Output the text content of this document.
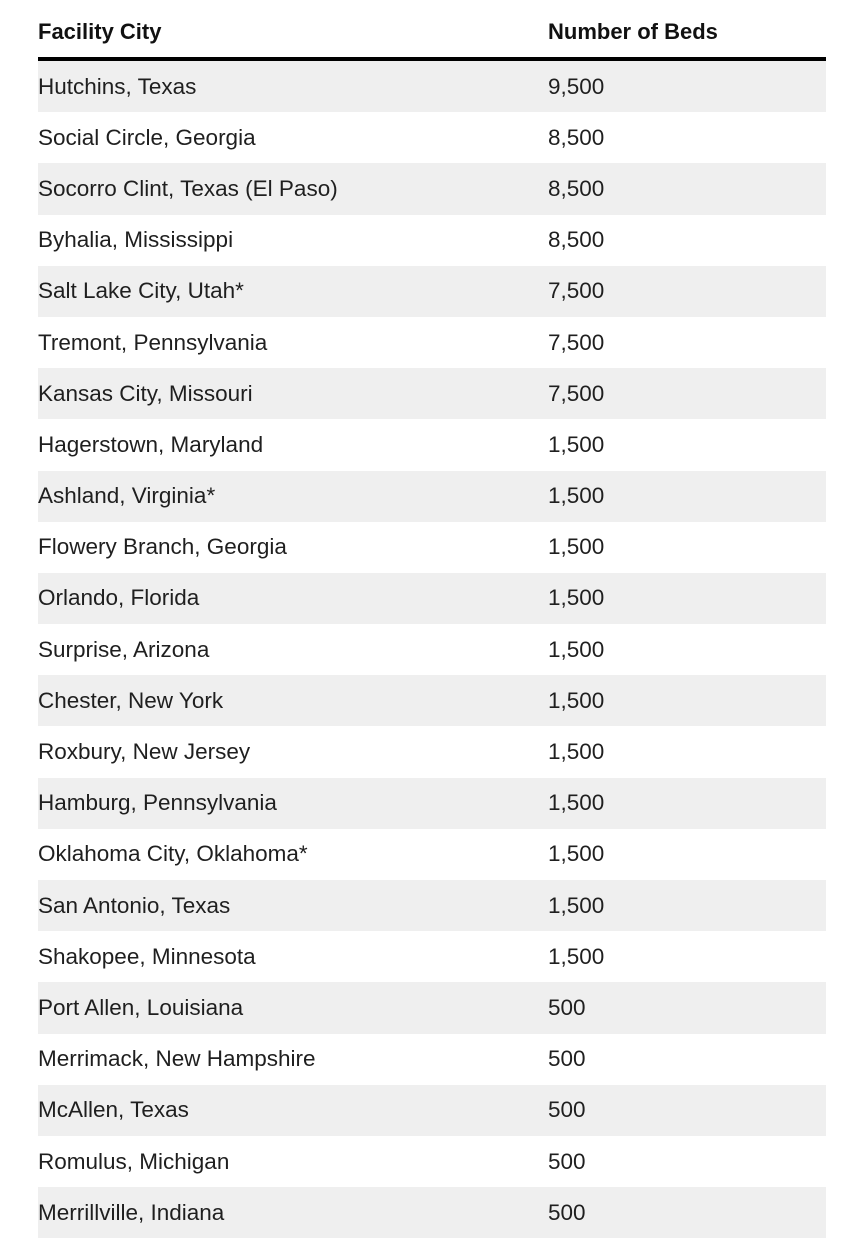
Facility City	Number of Beds
Hutchins, Texas	9,500
Social Circle, Georgia	8,500
Socorro Clint, Texas (El Paso)	8,500
Byhalia, Mississippi	8,500
Salt Lake City, Utah*	7,500
Tremont, Pennsylvania	7,500
Kansas City, Missouri	7,500
Hagerstown, Maryland	1,500
Ashland, Virginia*	1,500
Flowery Branch, Georgia	1,500
Orlando, Florida	1,500
Surprise, Arizona	1,500
Chester, New York	1,500
Roxbury, New Jersey	1,500
Hamburg, Pennsylvania	1,500
Oklahoma City, Oklahoma*	1,500
San Antonio, Texas	1,500
Shakopee, Minnesota	1,500
Port Allen, Louisiana	500
Merrimack, New Hampshire	500
McAllen, Texas	500
Romulus, Michigan	500
Merrillville, Indiana	500
